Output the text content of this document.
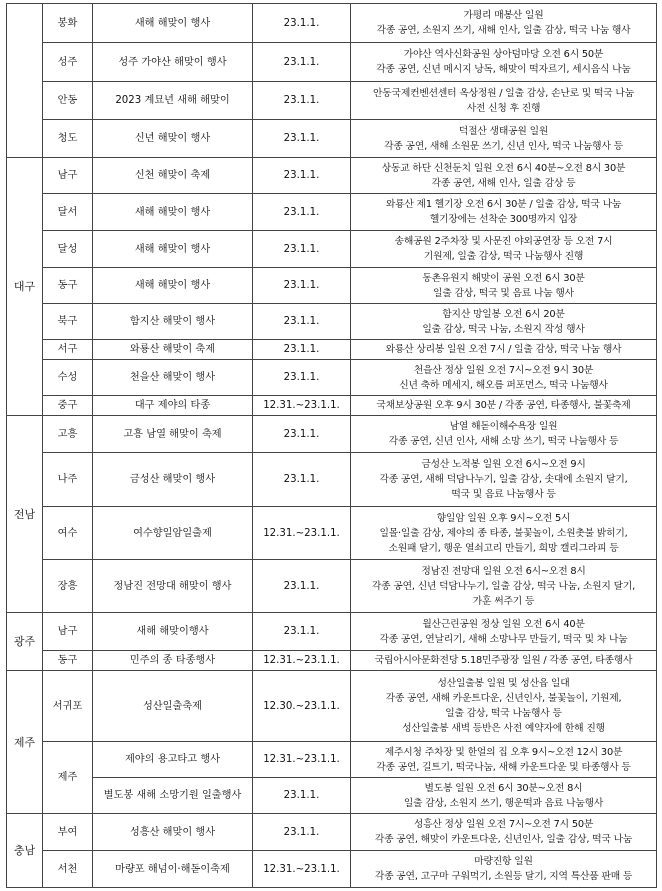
	봉화	새해 해맞이 행사	23.1.1.	가평리 매봉산 일원
각종 공연, 소원지 쓰기, 새해 인사, 일출 감상, 떡국 나눔 행사

	성주	성주 가야산 해맞이 행사	23.1.1.	가야산 역사신화공원 상아덤마당 오전 6시 50분
각종 공연, 신년 메시지 낭독, 해맞이 떡자르기, 세시음식 나눔

	안동	2023 계묘년 새해 해맞이	23.1.1.	안동국제컨벤션센터 옥상정원 / 일출 감상, 손난로 및 떡국 나눔
사전 신청 후 진행

	청도	신년 해맞이 행사	23.1.1.	덕절산 생태공원 일원
각종 공연, 새해 소원문 쓰기, 신년 인사, 떡국 나눔행사 등

대구	남구	신천 해맞이 축제	23.1.1.	상동교 하단 신천둔치 일원 오전 6시 40분~오전 8시 30분
각종 공연, 새해 인사, 일출 감상 등

	달서	새해 해맞이 행사	23.1.1.	와룡산 제1 헬기장 오전 6시 30분 / 일출 감상, 떡국 나눔
헬기장에는 선착순 300명까지 입장

	달성	새해 해맞이 행사	23.1.1.	송해공원 2주차장 및 사문진 야외공연장 등 오전 7시
기원제, 일출 감상, 떡국 나눔행사 진행

	동구	새해 해맞이 행사	23.1.1.	동촌유원지 해맞이 공원 오전 6시 30분
일출 감상, 떡국 및 음료 나눔 행사

	북구	함지산 해맞이 행사	23.1.1.	함지산 망일봉 오전 6시 20분
일출 감상, 떡국 나눔, 소원지 작성 행사

	서구	와룡산 해맞이 축제	23.1.1.	와룡산 상리봉 일원 오전 7시 / 일출 감상, 떡국 나눔 행사

	수성	천을산 해맞이 행사	23.1.1.	천을산 정상 일원 오전 7시~오전 9시 30분
신년 축하 메세지, 해오름 퍼포먼스, 떡국 나눔행사

	중구	대구 제야의 타종	12.31.~23.1.1.	국채보상공원 오후 9시 30분 / 각종 공연, 타종행사, 불꽃축제

전남	고흥	고흥 남열 해맞이 축제	23.1.1.	남열 해돋이해수욕장 일원
각종 공연, 신년 인사, 새해 소망 쓰기, 떡국 나눔행사 등

	나주	금성산 해맞이 행사	23.1.1.	금성산 노적봉 일원 오전 6시~오전 9시
각종 공연, 새해 덕담나누기, 일출 감상, 솟대에 소원지 달기,
떡국 및 음료 나눔행사 등

	여수	여수향일암일출제	12.31.~23.1.1.	향일암 일원 오후 9시~오전 5시
일몰·일출 감상, 제야의 종 타종, 불꽃놀이, 소원촛불 밝히기,
소원패 달기, 행운 열쇠고리 만들기, 희망 캘리그라피 등

	장흥	정남진 전망대 해맞이 행사	23.1.1.	정남진 전망대 일원 오전 6시~오전 8시
각종 공연, 신년 덕담나누기, 일출 감상, 떡국 나눔, 소원지 달기,
가훈 써주기 등

광주	남구	새해 해맞이행사	23.1.1.	월산근린공원 정상 일원 오전 6시 40분
각종 공연, 연날리기, 새해 소망나무 만들기, 떡국 및 차 나눔

	동구	민주의 종 타종행사	12.31.~23.1.1.	국립아시아문화전당 5.18민주광장 일원 / 각종 공연, 타종행사

제주	서귀포	성산일출축제	12.30.~23.1.1.	성산일출봉 일원 및 성산읍 일대
각종 공연, 새해 카운트다운, 신년인사, 불꽃놀이, 기원제,
일출 감상, 떡국 나눔행사 등
성산일출봉 새벽 등반은 사전 예약자에 한해 진행

	제주	제야의 용고타고 행사	12.31.~23.1.1.	제주시청 주차장 및 한얼의 집 오후 9시~오전 12시 30분
각종 공연, 길트기, 떡국나눔, 새해 카운트다운 및 타종행사 등

		별도봉 새해 소망기원 일출행사	23.1.1.	별도봉 일원 오전 6시 30분~오전 8시
일출 감상, 소원지 쓰기, 행운떡과 음료 나눔행사

충남	부여	성흥산 해맞이 행사	23.1.1.	성흥산 정상 일원 오전 7시~오전 7시 50분
각종 공연, 해맞이 카운트다운, 신년인사, 일출 감상, 떡국 나눔

	서천	마량포 해넘이·해돋이축제	12.31.~23.1.1.	마량진항 일원
각종 공연, 고구마 구워먹기, 소원등 달기, 지역 특산품 판매 등
